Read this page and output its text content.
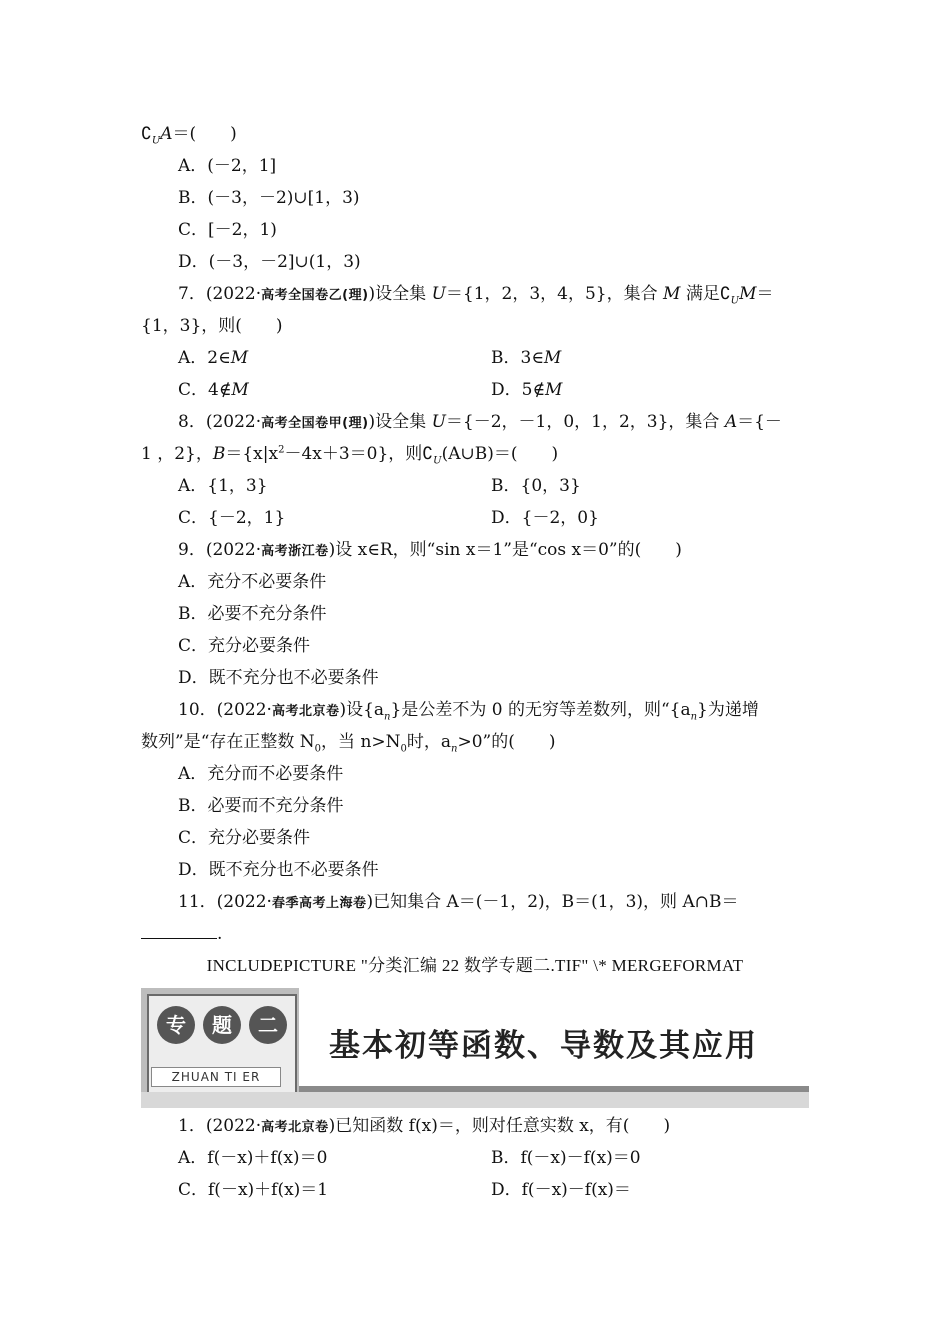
$∁_UA=$(　　)
A．(－2，1]
B．(－3，－2)∪[1，3)
C．[－2，1)
D．(－3，－2]∪(1，3)
7．(2022·高考全国卷乙(理))设全集 U＝{1，2，3，4，5}，集合 M 满足$∁_UM=$
{1，3}，则(　　)
A．2∈M	B．3∈M
C．4∉M	D．5∉M
8．(2022·高考全国卷甲(理))设全集 U＝{－2，－1，0，1，2，3}，集合 A＝{－
1 ，2}，$B=\{x|x^2-4x+3=0\}$，则$∁_U(A\cup B)=$(　　)
A．{1，3}	B．{0，3}
C．{－2，1}	D．{－2，0}
9．(2022·高考浙江卷)设 x∈R，则“sin x＝1”是“cos x＝0”的(　　)
A．充分不必要条件
B．必要不充分条件
C．充分必要条件
D．既不充分也不必要条件
10．(2022·高考北京卷)设$\{a_n\}$是公差不为 0 的无穷等差数列，则“$\{a_n\}$为递增
数列”是“存在正整数 $N_0$，当 $n>N_0$时，$a_n>0$”的(　　)
A．充分而不必要条件
B．必要而不充分条件
C．充分必要条件
D．既不充分也不必要条件
11．(2022·春季高考上海卷)已知集合 A＝(－1，2)，B＝(1，3)，则 A∩B＝
.
INCLUDEPICTURE "分类汇编 22 数学专题二.TIF" \* MERGEFORMAT
专	题	二
ZHUAN TI ER
基本初等函数、导数及其应用
1．(2022·高考北京卷)已知函数 f(x)＝，则对任意实数 x，有(　　)
A．f(－x)＋f(x)＝0	B．f(－x)－f(x)＝0
C．f(－x)＋f(x)＝1	D．f(－x)－f(x)＝
